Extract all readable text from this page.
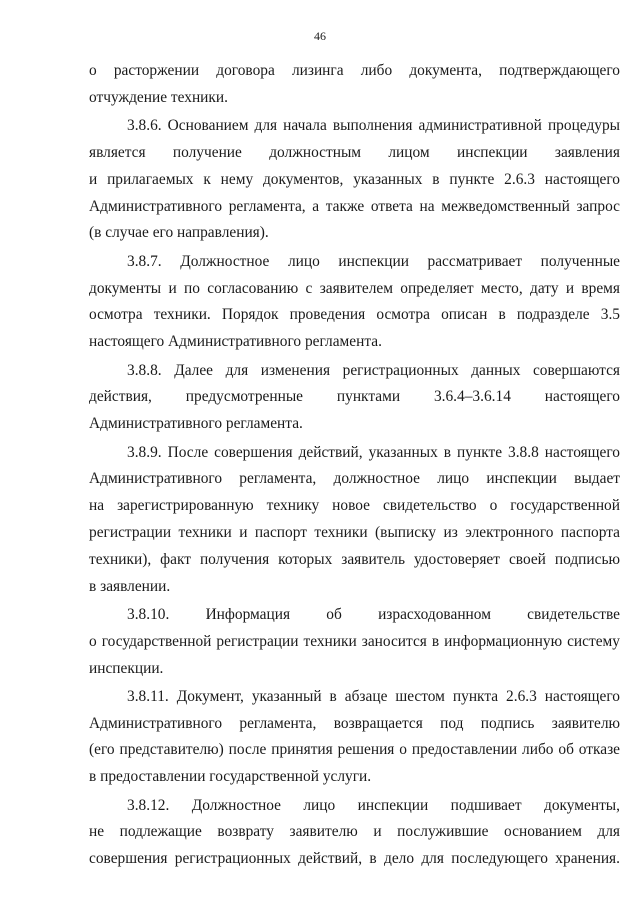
46
о расторжении договора лизинга либо документа, подтверждающего
отчуждение техники.
3.8.6. Основанием для начала выполнения административной процедуры
является получение должностным лицом инспекции заявления
и прилагаемых к нему документов, указанных в пункте 2.6.3 настоящего
Административного регламента, а также ответа на межведомственный запрос
(в случае его направления).
3.8.7. Должностное лицо инспекции рассматривает полученные
документы и по согласованию с заявителем определяет место, дату и время
осмотра техники. Порядок проведения осмотра описан в подразделе 3.5
настоящего Административного регламента.
3.8.8. Далее для изменения регистрационных данных совершаются
действия, предусмотренные пунктами 3.6.4–3.6.14 настоящего
Административного регламента.
3.8.9. После совершения действий, указанных в пункте 3.8.8 настоящего
Административного регламента, должностное лицо инспекции выдает
на зарегистрированную технику новое свидетельство о государственной
регистрации техники и паспорт техники (выписку из электронного паспорта
техники), факт получения которых заявитель удостоверяет своей подписью
в заявлении.
3.8.10. Информация об израсходованном свидетельстве
о государственной регистрации техники заносится в информационную систему
инспекции.
3.8.11. Документ, указанный в абзаце шестом пункта 2.6.3 настоящего
Административного регламента, возвращается под подпись заявителю
(его представителю) после принятия решения о предоставлении либо об отказе
в предоставлении государственной услуги.
3.8.12. Должностное лицо инспекции подшивает документы,
не подлежащие возврату заявителю и послужившие основанием для
совершения регистрационных действий, в дело для последующего хранения.
